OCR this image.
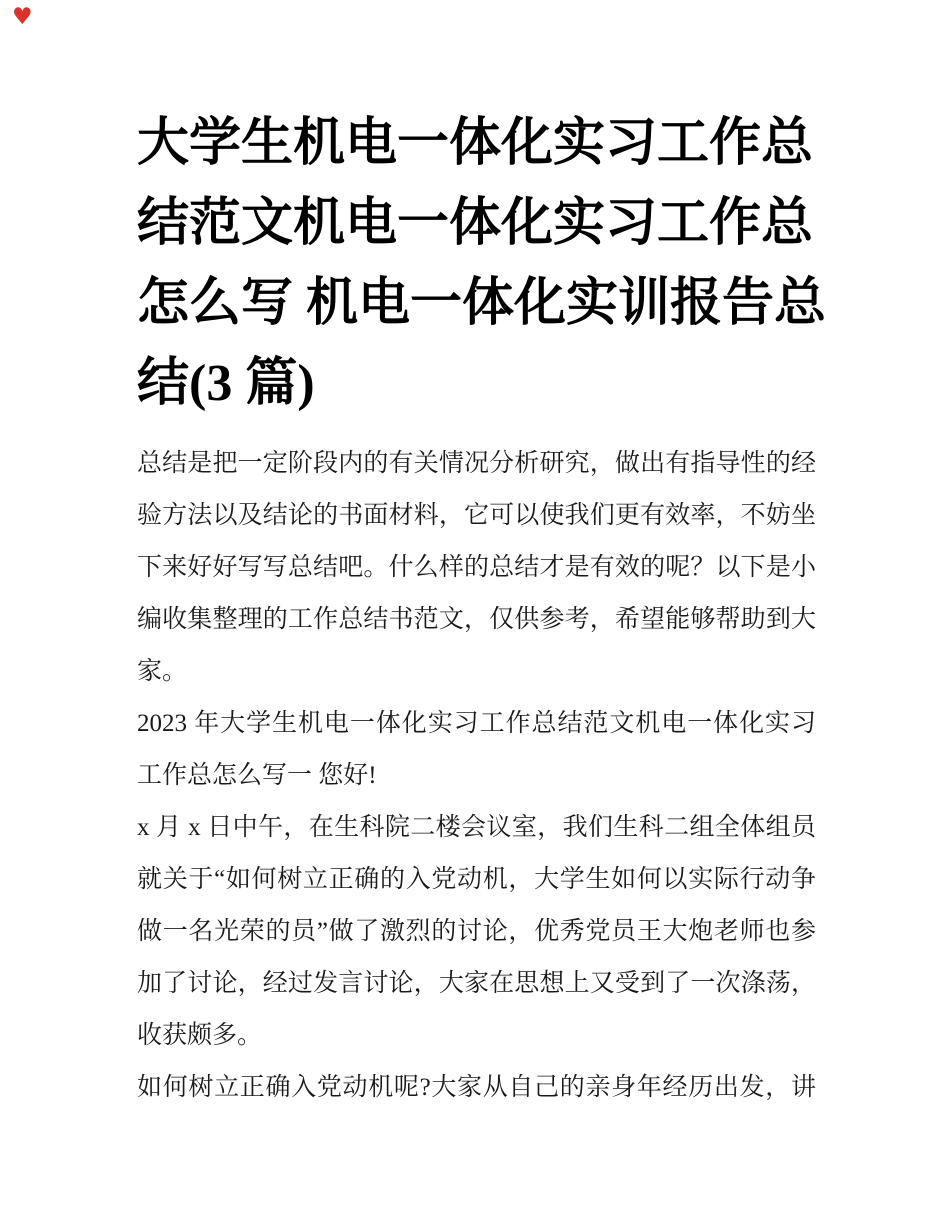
♥
大学生机电一体化实习工作总
结范文机电一体化实习工作总
怎么写 机电一体化实训报告总
结(3 篇)
总结是把一定阶段内的有关情况分析研究，做出有指导性的经
验方法以及结论的书面材料，它可以使我们更有效率，不妨坐
下来好好写写总结吧。什么样的总结才是有效的呢？以下是小
编收集整理的工作总结书范文，仅供参考，希望能够帮助到大
家。
2023 年大学生机电一体化实习工作总结范文机电一体化实习
工作总怎么写一 您好!
x 月 x 日中午，在生科院二楼会议室，我们生科二组全体组员
就关于“如何树立正确的入党动机，大学生如何以实际行动争
做一名光荣的员”做了激烈的讨论，优秀党员王大炮老师也参
加了讨论，经过发言讨论，大家在思想上又受到了一次涤荡，
收获颇多。
如何树立正确入党动机呢?大家从自己的亲身年经历出发，讲
